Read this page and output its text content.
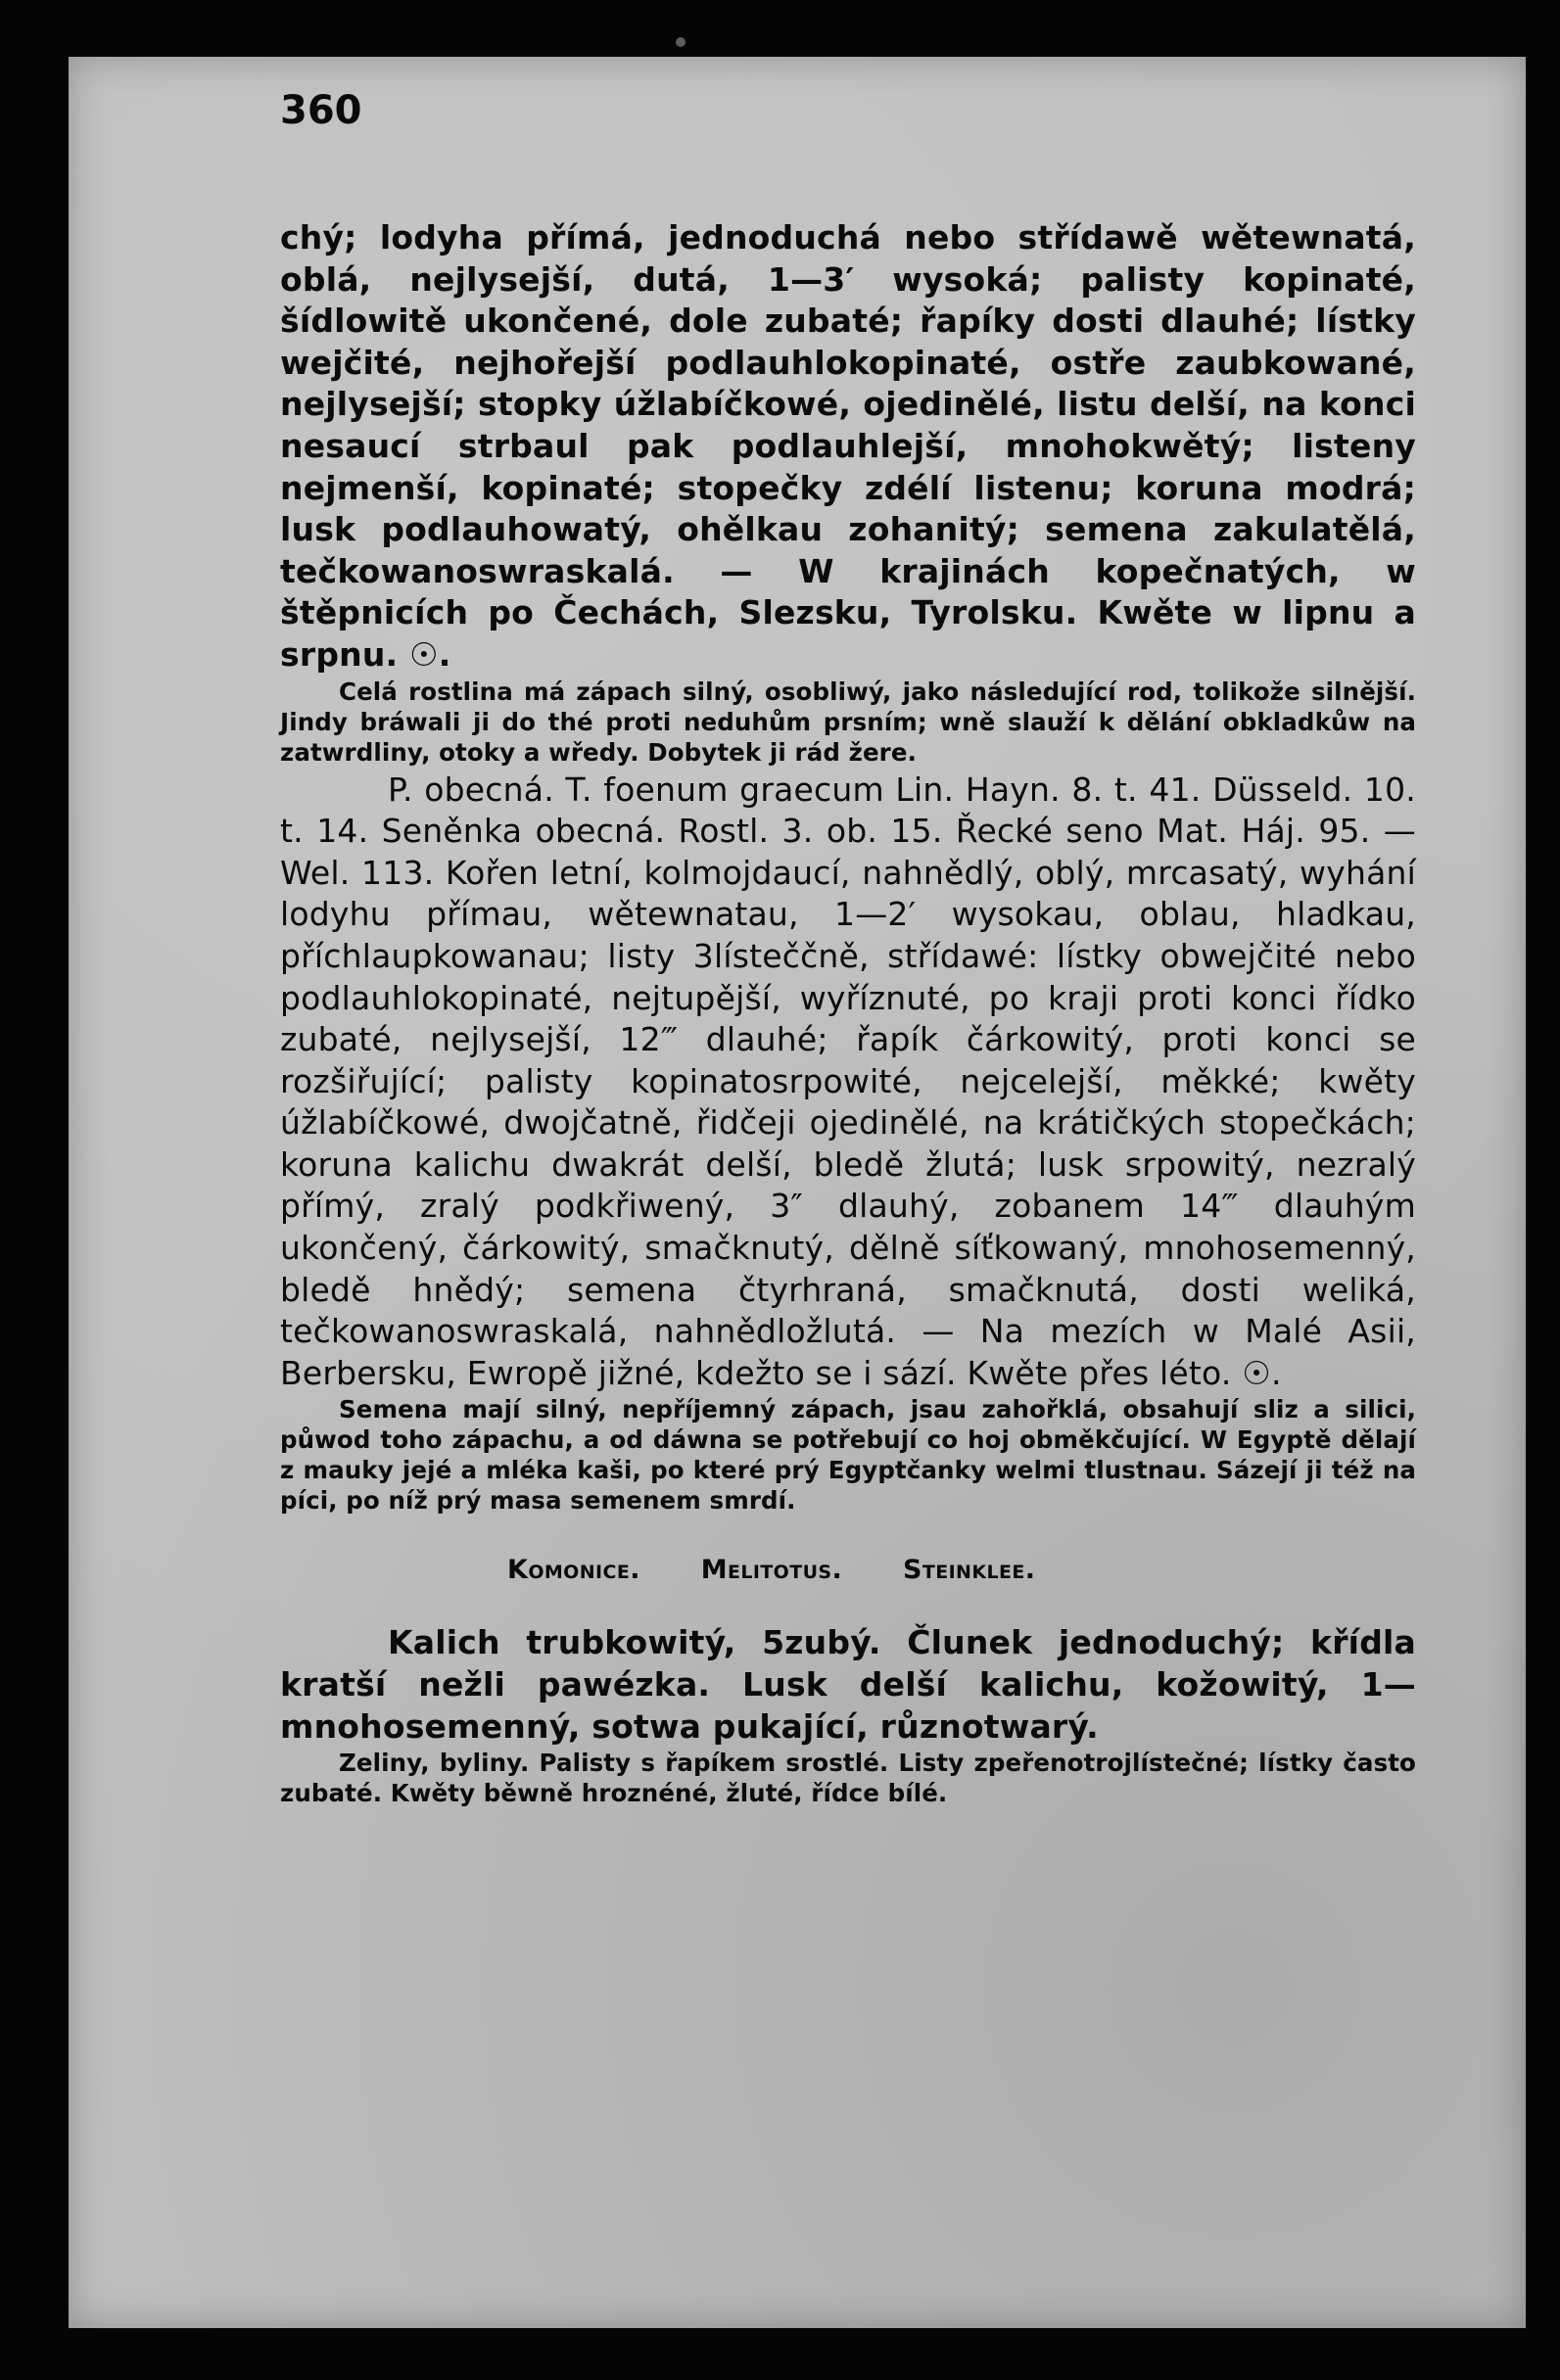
360

chý; lodyha přímá, jednoduchá nebo střídawě wětewnatá, oblá, nejlysejší, dutá, 1—3′ wysoká; palisty kopinaté, šídlowitě ukončené, dole zubaté; řapíky dosti dlauhé; lístky wejčité, nejhořejší podlauhlokopinaté, ostře zaubkowané, nejlysejší; stopky úžlabíčkowé, ojedinělé, listu delší, na konci nesaucí strbaul pak podlauhlejší, mnohokwětý; listeny nejmenší, kopinaté; stopečky zdélí listenu; koruna modrá; lusk podlauhowatý, ohělkau zohanitý; semena zakulatělá, tečkowanoswraskalá. — W krajinách kopečnatých, w štěpnicích po Čechách, Slezsku, Tyrolsku. Kwěte w lipnu a srpnu. ☉.

Celá rostlina má zápach silný, osobliwý, jako následující rod, tolikože silnější. Jindy bráwali ji do thé proti neduhům prsním; wně slauží k dělání obkladkůw na zatwrdliny, otoky a wředy. Dobytek ji rád žere.

P. obecná. T. foenum graecum Lin. Hayn. 8. t. 41. Düsseld. 10. t. 14. Seněnka obecná. Rostl. 3. ob. 15. Řecké seno Mat. Háj. 95. — Wel. 113. Kořen letní, kolmojdaucí, nahnědlý, oblý, mrcasatý, wyhání lodyhu přímau, wětewnatau, 1—2′ wysokau, oblau, hladkau, příchlaupkowanau; listy 3lísteččně, střídawé: lístky obwejčité nebo podlauhlokopinaté, nejtupější, wyříznuté, po kraji proti konci řídko zubaté, nejlysejší, 12‴ dlauhé; řapík čárkowitý, proti konci se rozšiřující; palisty kopinatosrpowité, nejcelejší, měkké; kwěty úžlabíčkowé, dwojčatně, řidčeji ojedinělé, na krátičkých stopečkách; koruna kalichu dwakrát delší, bledě žlutá; lusk srpowitý, nezralý přímý, zralý podkřiwený, 3″ dlauhý, zobanem 14‴ dlauhým ukončený, čárkowitý, smačknutý, dělně síťkowaný, mnohosemenný, bledě hnědý; semena čtyrhraná, smačknutá, dosti weliká, tečkowanoswraskalá, nahnědložlutá. — Na mezích w Malé Asii, Berbersku, Ewropě jižné, kdežto se i sází. Kwěte přes léto. ☉.

Semena mají silný, nepříjemný zápach, jsau zahořklá, obsahují sliz a silici, půwod toho zápachu, a od dáwna se potřebují co hoj obměkčující. W Egyptě dělají z mauky jejé a mléka kaši, po které prý Egyptčanky welmi tlustnau. Sázejí ji též na píci, po níž prý masa semenem smrdí.

Komonice. Melitotus. Steinklee.

Kalich trubkowitý, 5zubý. Člunek jednoduchý; křídla kratší nežli pawézka. Lusk delší kalichu, kožowitý, 1—mnohosemenný, sotwa pukající, různotwarý.

Zeliny, byliny. Palisty s řapíkem srostlé. Listy zpeřenotrojlístečné; lístky často zubaté. Kwěty běwně hroznéné, žluté, řídce bílé.
